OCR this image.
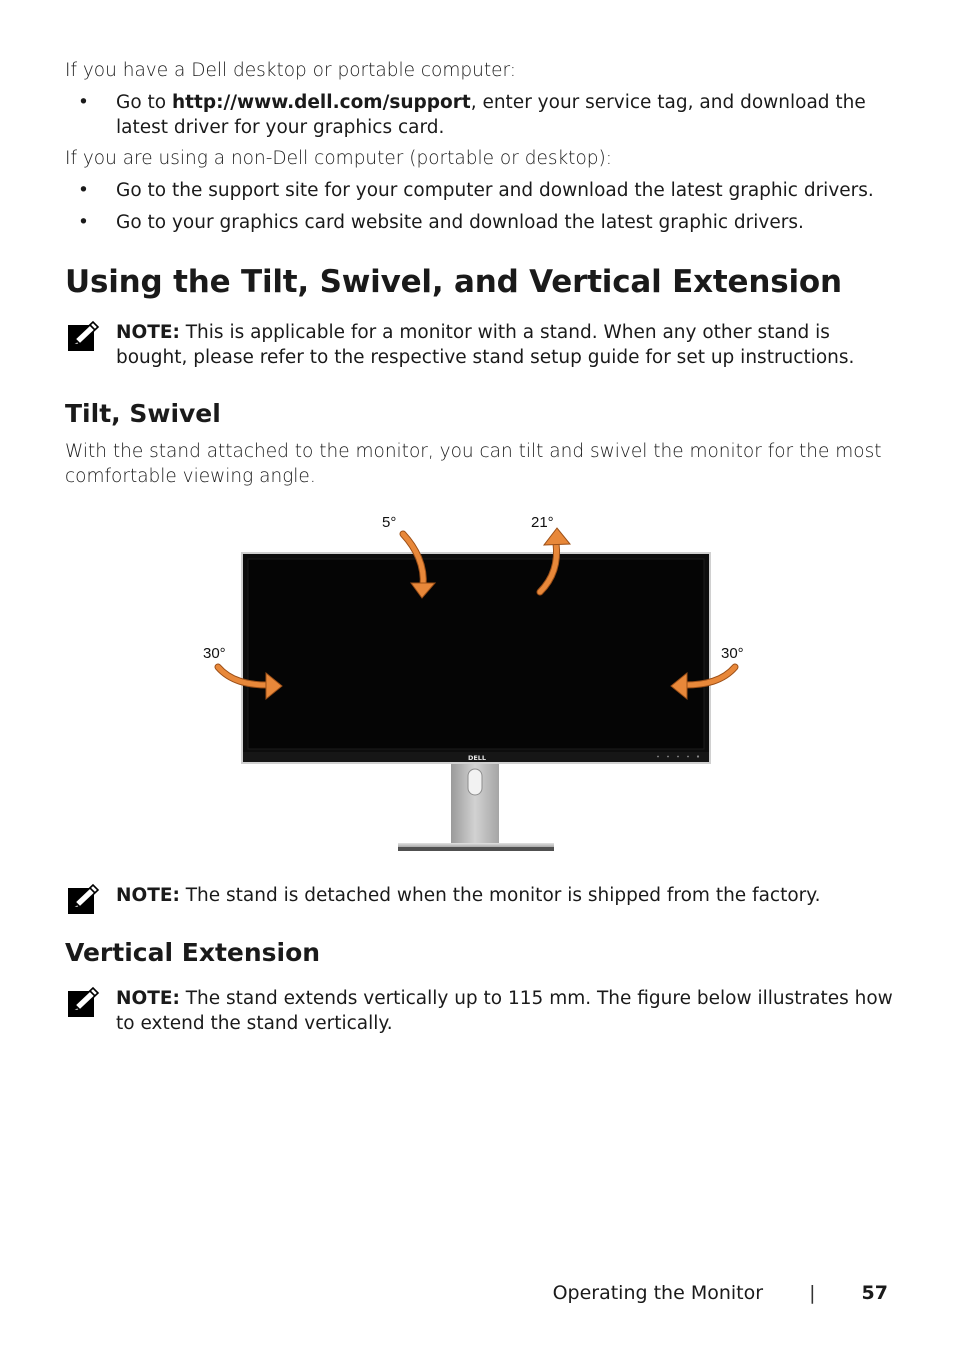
If you have a Dell desktop or portable computer:
• Go to http://www.dell.com/support, enter your service tag, and download the latest driver for your graphics card.
If you are using a non-Dell computer (portable or desktop):
• Go to the support site for your computer and download the latest graphic drivers.
• Go to your graphics card website and download the latest graphic drivers.
Using the Tilt, Swivel, and Vertical Extension
NOTE: This is applicable for a monitor with a stand. When any other stand is bought, please refer to the respective stand setup guide for set up instructions.
Tilt, Swivel
With the stand attached to the monitor, you can tilt and swivel the monitor for the most comfortable viewing angle.
DELL
5°	21°
30°	30°
NOTE: The stand is detached when the monitor is shipped from the factory.
Vertical Extension
NOTE: The stand extends vertically up to 115 mm. The figure below illustrates how to extend the stand vertically.
Operating the Monitor | 57
